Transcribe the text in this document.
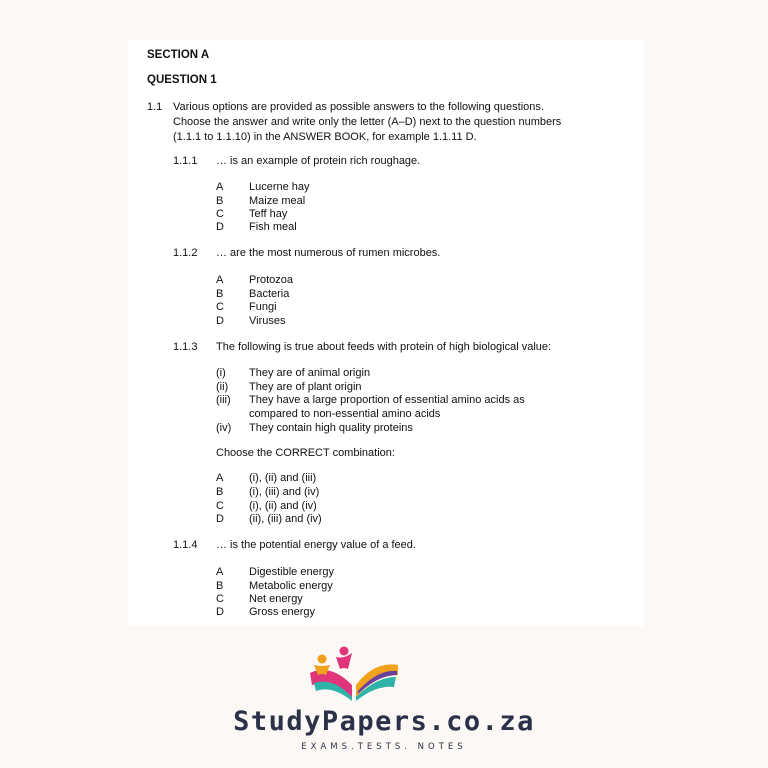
SECTION A
QUESTION 1
1.1 Various options are provided as possible answers to the following questions.
Choose the answer and write only the letter (A–D) next to the question numbers
(1.1.1 to 1.1.10) in the ANSWER BOOK, for example 1.1.11 D.
1.1.1 … is an example of protein rich roughage.
A Lucerne hay
B Maize meal
C Teff hay
D Fish meal
1.1.2 … are the most numerous of rumen microbes.
A Protozoa
B Bacteria
C Fungi
D Viruses
1.1.3 The following is true about feeds with protein of high biological value:
(i) They are of animal origin
(ii) They are of plant origin
(iii) They have a large proportion of essential amino acids as
compared to non-essential amino acids
(iv) They contain high quality proteins
Choose the CORRECT combination:
A (i), (ii) and (iii)
B (i), (iii) and (iv)
C (i), (ii) and (iv)
D (ii), (iii) and (iv)
1.1.4 … is the potential energy value of a feed.
A Digestible energy
B Metabolic energy
C Net energy
D Gross energy
StudyPapers.co.za
EXAMS.TESTS. NOTES
